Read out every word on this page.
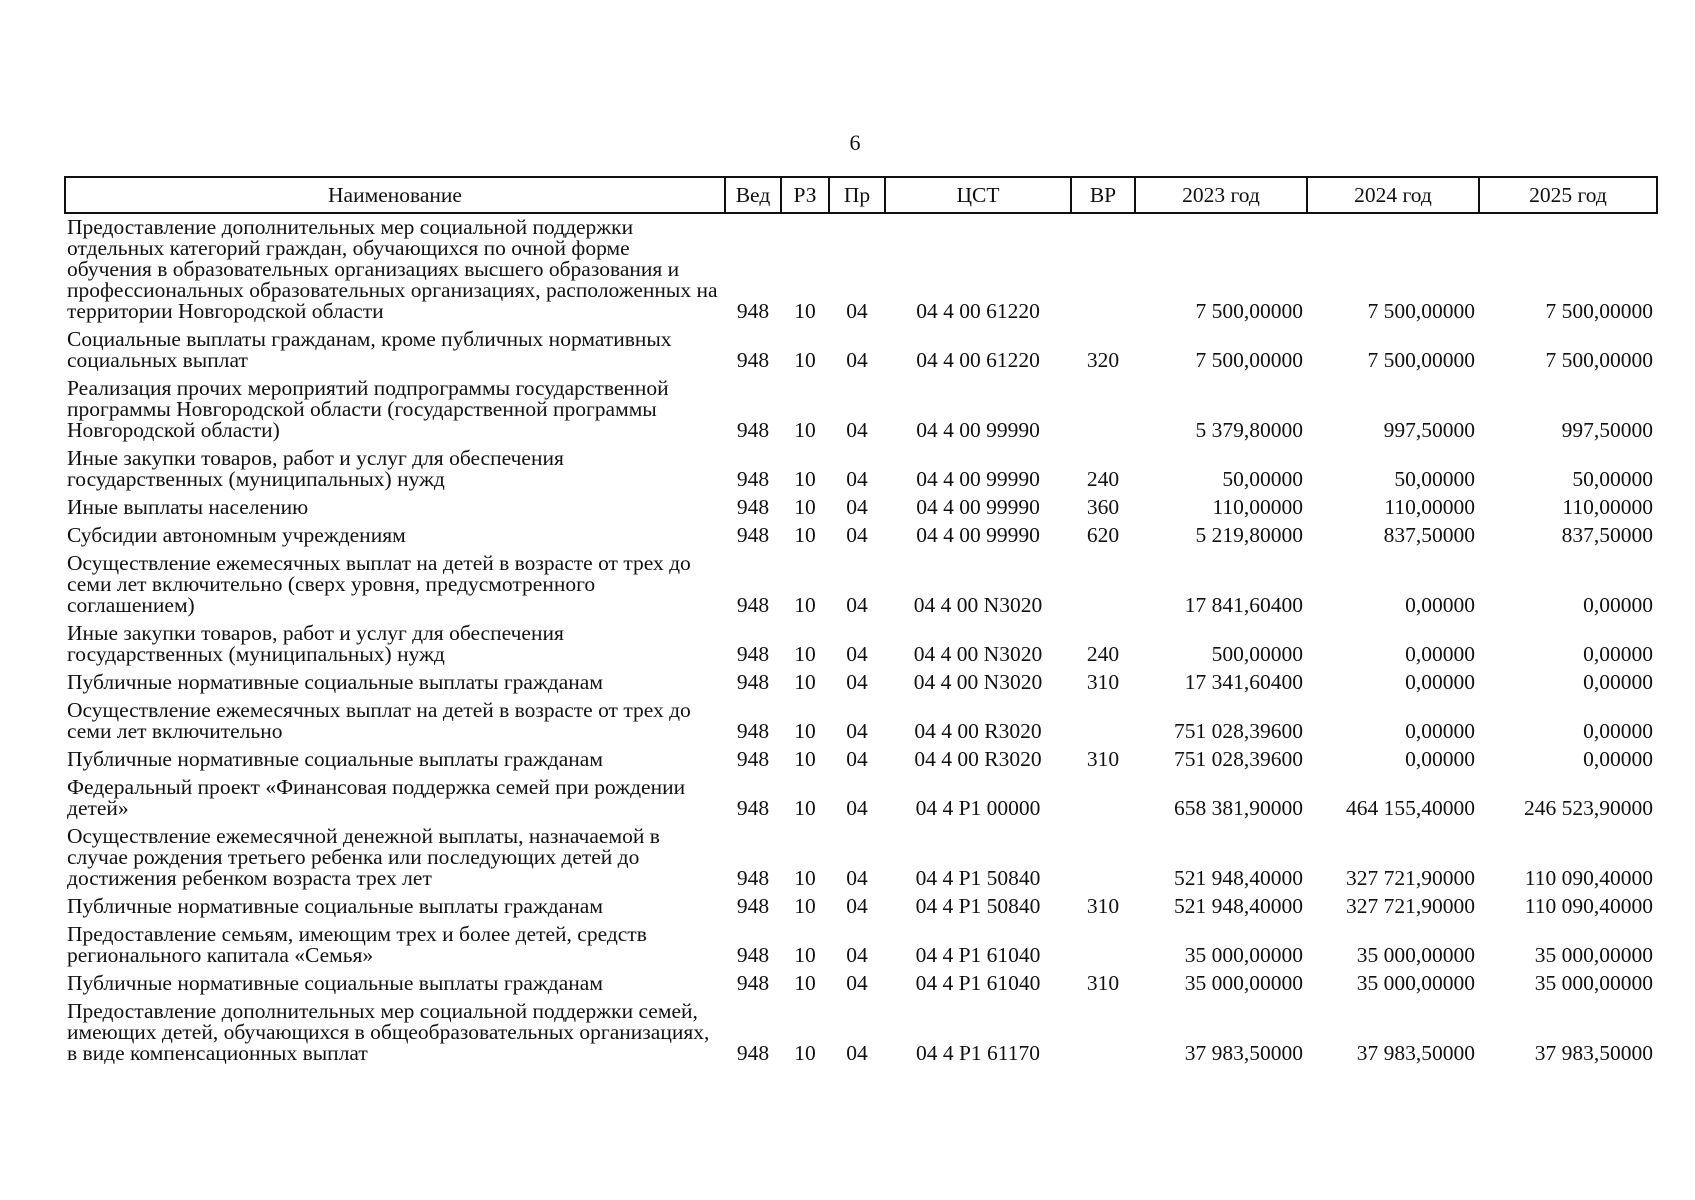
6
Наименование	Вед	РЗ	Пр	ЦСТ	ВР	2023 год	2024 год	2025 год
Предоставление дополнительных мер социальной поддержки отдельных категорий граждан, обучающихся по очной форме обучения в образовательных организациях высшего образования и профессиональных образовательных организациях, расположенных на территории Новгородской области	948	10	04	04 4 00 61220		7 500,00000	7 500,00000	7 500,00000
Социальные выплаты гражданам, кроме публичных нормативных социальных выплат	948	10	04	04 4 00 61220	320	7 500,00000	7 500,00000	7 500,00000
Реализация прочих мероприятий подпрограммы государственной программы Новгородской области (государственной программы Новгородской области)	948	10	04	04 4 00 99990		5 379,80000	997,50000	997,50000
Иные закупки товаров, работ и услуг для обеспечения государственных (муниципальных) нужд	948	10	04	04 4 00 99990	240	50,00000	50,00000	50,00000
Иные выплаты населению	948	10	04	04 4 00 99990	360	110,00000	110,00000	110,00000
Субсидии автономным учреждениям	948	10	04	04 4 00 99990	620	5 219,80000	837,50000	837,50000
Осуществление ежемесячных выплат на детей в возрасте от трех до семи лет включительно (сверх уровня, предусмотренного соглашением)	948	10	04	04 4 00 N3020		17 841,60400	0,00000	0,00000
Иные закупки товаров, работ и услуг для обеспечения государственных (муниципальных) нужд	948	10	04	04 4 00 N3020	240	500,00000	0,00000	0,00000
Публичные нормативные социальные выплаты гражданам	948	10	04	04 4 00 N3020	310	17 341,60400	0,00000	0,00000
Осуществление ежемесячных выплат на детей в возрасте от трех до семи лет включительно	948	10	04	04 4 00 R3020		751 028,39600	0,00000	0,00000
Публичные нормативные социальные выплаты гражданам	948	10	04	04 4 00 R3020	310	751 028,39600	0,00000	0,00000
Федеральный проект «Финансовая поддержка семей при рождении детей»	948	10	04	04 4 P1 00000		658 381,90000	464 155,40000	246 523,90000
Осуществление ежемесячной денежной выплаты, назначаемой в случае рождения третьего ребенка или последующих детей до достижения ребенком возраста трех лет	948	10	04	04 4 P1 50840		521 948,40000	327 721,90000	110 090,40000
Публичные нормативные социальные выплаты гражданам	948	10	04	04 4 P1 50840	310	521 948,40000	327 721,90000	110 090,40000
Предоставление семьям, имеющим трех и более детей, средств регионального капитала «Семья»	948	10	04	04 4 P1 61040		35 000,00000	35 000,00000	35 000,00000
Публичные нормативные социальные выплаты гражданам	948	10	04	04 4 P1 61040	310	35 000,00000	35 000,00000	35 000,00000
Предоставление дополнительных мер социальной поддержки семей, имеющих детей, обучающихся в общеобразовательных организациях, в виде компенсационных выплат	948	10	04	04 4 P1 61170		37 983,50000	37 983,50000	37 983,50000
